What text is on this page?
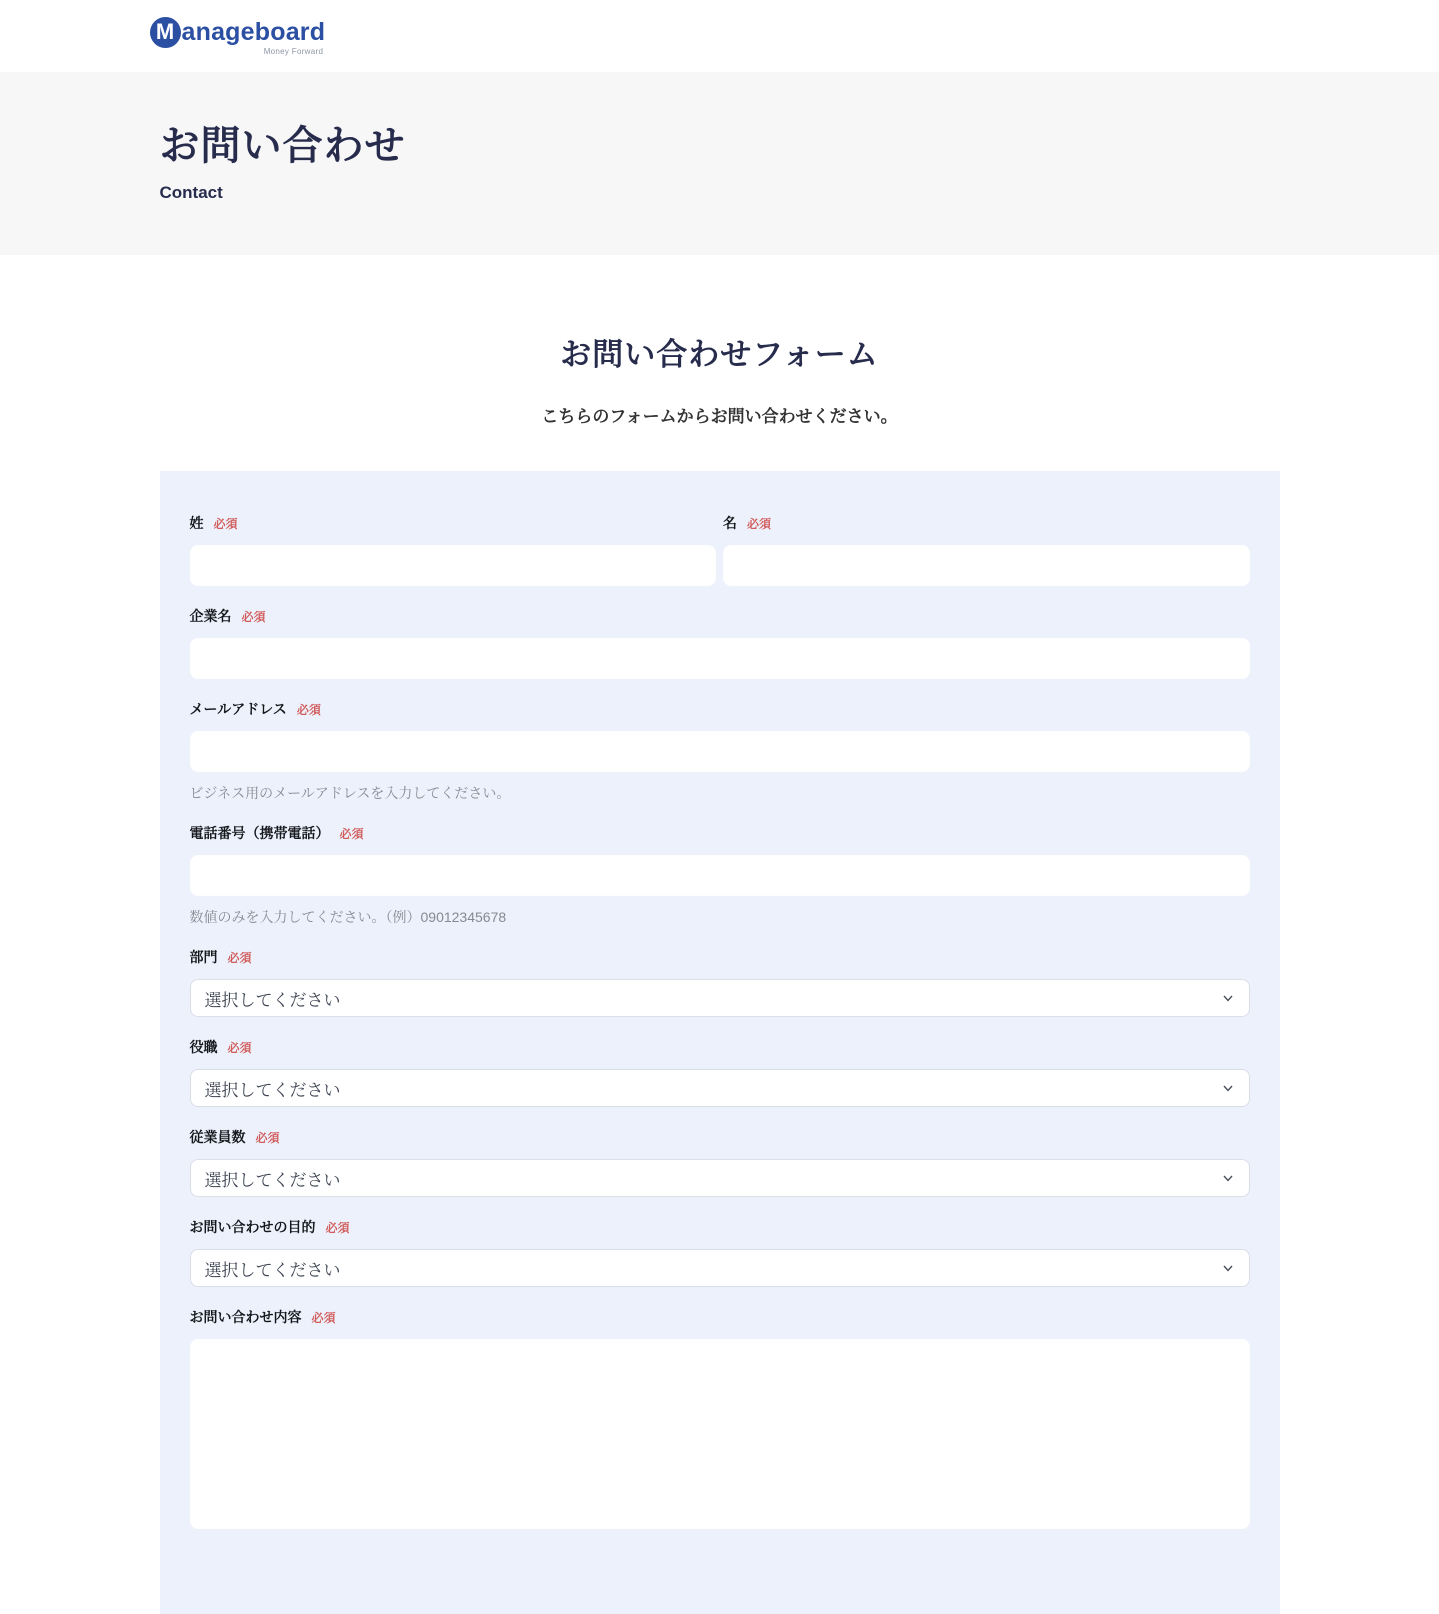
M anageboard
Money Forward
お問い合わせ
Contact
お問い合わせフォーム

こちらのフォームからお問い合わせください。

姓 必須	名 必須
企業名 必須
メールアドレス 必須
ビジネス用のメールアドレスを入力してください。
電話番号（携帯電話） 必須
数値のみを入力してください。（例）09012345678
部門 必須
選択してください
役職 必須
選択してください
従業員数 必須
選択してください
お問い合わせの目的 必須
選択してください
お問い合わせ内容 必須
